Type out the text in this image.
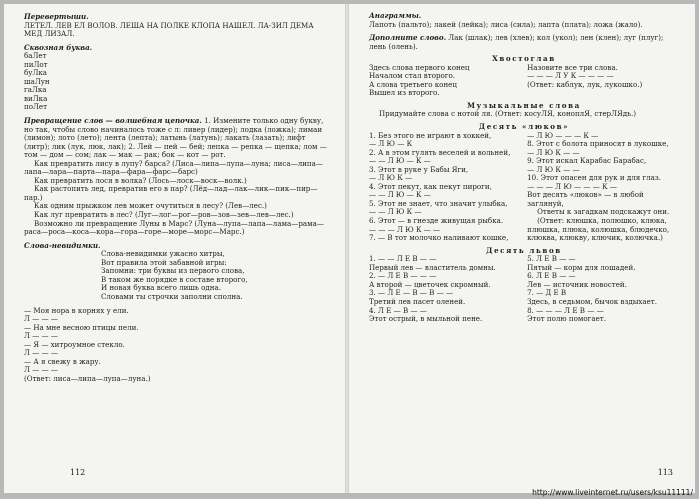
Перевертыши.

ЛЕТЕЛ. ЛЕВ ЕЛ ВОЛОВ. ЛЕША НА ПОЛКЕ КЛОПА НАШЕЛ. ЛА-ЗИЛ ДЕМА МЕД ЛИЗАЛ.

Сквозная буква.

баЛет

пиЛот

буЛка

шаЛун

гаЛка

виЛка

поЛет

Превращение слов — волшебная цепочка. 1. Измените только одну букву, но так, чтобы слово начиналось тоже с л: ливер (лидер); лодка (ложка); лимаи (лимон); лото (лето); лента (лепта); латынь (латунь); лакать (лазать); лифт (литр); лик (лук, люк, лак); 2. Лей — пей — бей; лепка — репка — щепка; лом — том — дом — сом; лак — мак — рак; бок — кот — рот.

Как превратить лису в лупу? барса? (Лиса—липа—лупа—луна; лиса—липа—лапа—лара—парта—пара—фара—фарс—барс)

Как превратить лося в волка? (Лось—лоск—воск—волк.)

Как растопить лед, превратив его в пар? (Лёд—лад—лак—лик—пик—пир—пар.)

Как одним прыжком лев может очутиться в лесу? (Лев—лес.)

Как луг превратить в лес? (Луг—лог—рог—ров—зов—зев—лев—лес.)

Возможно ли превращение Луны в Марс? (Луна—лупа—лапа—лама—рама—раса—роса—коса—кора—гора—горе—море—морс—Марс.)

Слова-невидимки.

Слова-невидимки ужасно хитры,

Вот правила этой забавной игры:

Запомни: три буквы из первого слова,

В таком же порядке в составе второго,

И новая буква всего лишь одна.

Словами ты строчки заполни сполна.

— Моя нора в корнях у ели.

Л — — —

— На мне весною птицы пели.

Л — — —

— Я — хитроумное стекло.

Л — — —

— А я свежу в жару.

Л — — —

(Ответ: лиса—липа—лупа—луна.)

112

Анаграммы.

Лапоть (пальто); лакей (лейка); лиса (сила); лапта (плата); ложа (жало).

Дополните слово. Лак (шлак); лев (хлев); кол (укол); лен (клен); луг (плуг); лень (олень).

Хвостоглав

Здесь слова первого конец

Началом стал второго.

А слова третьего конец

Вышел из второго.

Назовите все три слова.

— — — Л У К — — — —

(Ответ: каблук, лук, лукошко.)

Музыкальные слова

Придумайте слова с нотой ля. (Ответ: косуЛЯ, коноплЯ, стерЛЯдь.)

Десять «люков»

1. Без этого не играют в хоккей,

— Л Ю — К

2. А в этом гулять веселей и вольней,

— — Л Ю — К —

3. Этот в руке у Бабы Яги,

— Л Ю К —

4. Этот пекут, как пекут пироги,

— — Л Ю — К —

5. Этот не знает, что значит улыбка,

— — Л Ю К —

6. Этот — в гнезде живущая рыбка.

— — — Л Ю К — —

7. — В тот молочко наливают кошке,

— Л Ю — — — К —

8. Этот с болота приносят в лукошке,

— Л Ю К — —

9. Этот искал Карабас Барабас,

— Л Ю К — —

10. Этот опасен для рук и для глаз.

— — — Л Ю — — — К —

Вот десять «люков» — в любой заглянуй,

Ответы к загадкам подскажут они.

(Ответ: клюшка, полюшко, клюка, плюшка, плюка, колюшка, блюдечко, клюква, клюкву, ключик, колючка.)

Десять львов

1. — — Л Е В — —

Первый лев — властитель домны.

2. — Л Е В — — —

А второй — цветочек скромный.

3. — Л Е — В — В — —

Третий лев пасет оленей.

4. Л Е — В — —

Этот острый, в мыльной пене.

5. Л Е В — —

Пятый — корм для лошадей.

6. Л Е В — —

Лев — источник новостей.

7. — Д Е В

Здесь, в седьмом, бычок вздыхает.

8. — — — Л Е В — —

Этот полю помогает.

113
http://www.liveinternet.ru/users/ksu11111/
